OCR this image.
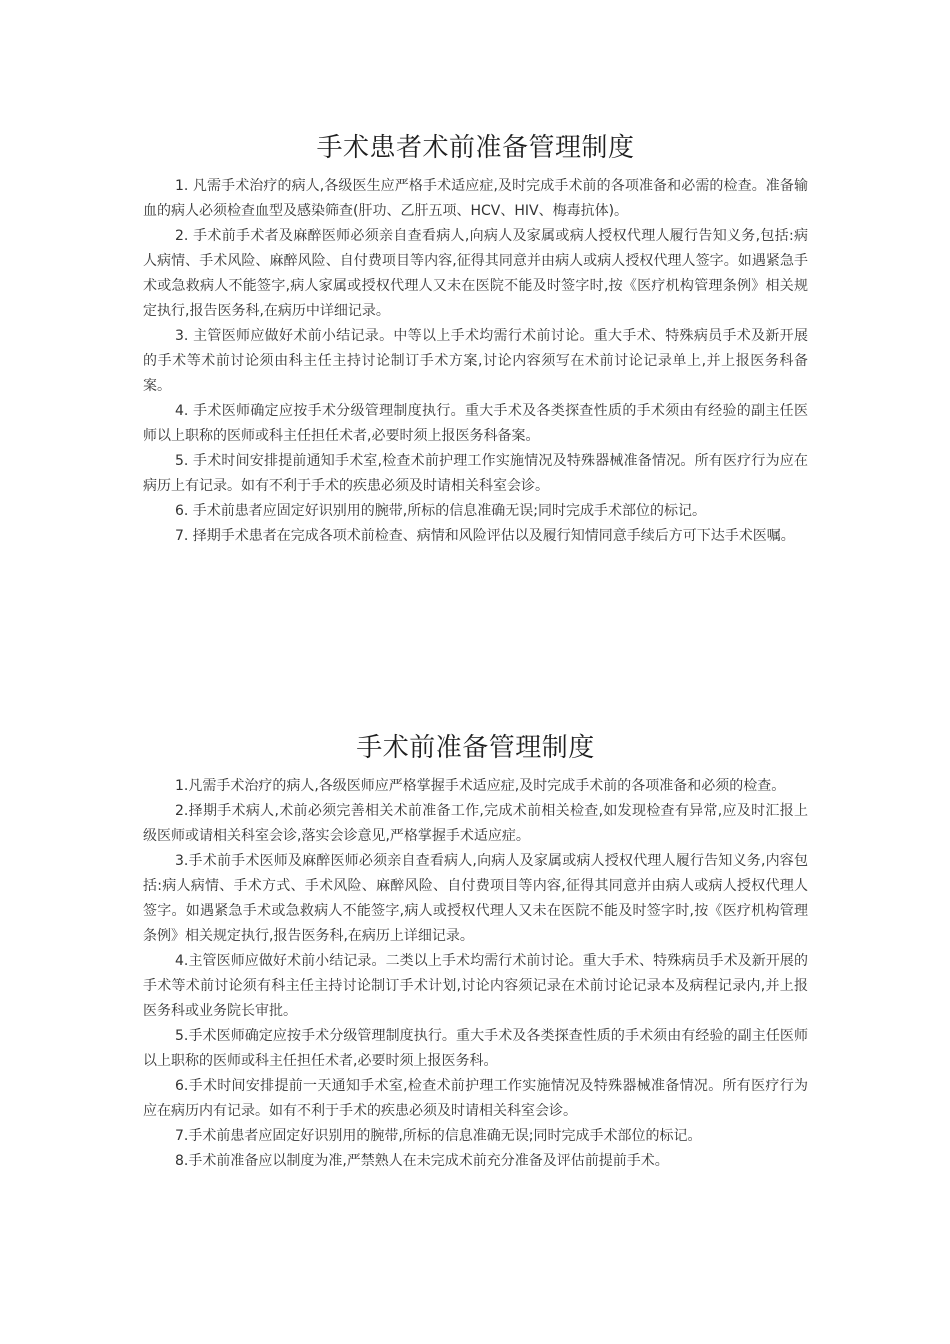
手术患者术前准备管理制度

1. 凡需手术治疗的病人,各级医生应严格手术适应症,及时完成手术前的各项准备和必需的检查。准备输血的病人必须检查血型及感染筛查(肝功、乙肝五项、HCV、HIV、梅毒抗体)。

2. 手术前手术者及麻醉医师必须亲自查看病人,向病人及家属或病人授权代理人履行告知义务,包括:病人病情、手术风险、麻醉风险、自付费项目等内容,征得其同意并由病人或病人授权代理人签字。如遇紧急手术或急救病人不能签字,病人家属或授权代理人又未在医院不能及时签字时,按《医疗机构管理条例》相关规定执行,报告医务科,在病历中详细记录。

3. 主管医师应做好术前小结记录。中等以上手术均需行术前讨论。重大手术、特殊病员手术及新开展的手术等术前讨论须由科主任主持讨论制订手术方案,讨论内容须写在术前讨论记录单上,并上报医务科备案。

4. 手术医师确定应按手术分级管理制度执行。重大手术及各类探查性质的手术须由有经验的副主任医师以上职称的医师或科主任担任术者,必要时须上报医务科备案。

5. 手术时间安排提前通知手术室,检查术前护理工作实施情况及特殊器械准备情况。所有医疗行为应在病历上有记录。如有不利于手术的疾患必须及时请相关科室会诊。

6. 手术前患者应固定好识别用的腕带,所标的信息准确无误;同时完成手术部位的标记。

7. 择期手术患者在完成各项术前检查、病情和风险评估以及履行知情同意手续后方可下达手术医嘱。

手术前准备管理制度

1.凡需手术治疗的病人,各级医师应严格掌握手术适应症,及时完成手术前的各项准备和必须的检查。

2.择期手术病人,术前必须完善相关术前准备工作,完成术前相关检查,如发现检查有异常,应及时汇报上级医师或请相关科室会诊,落实会诊意见,严格掌握手术适应症。

3.手术前手术医师及麻醉医师必须亲自查看病人,向病人及家属或病人授权代理人履行告知义务,内容包括:病人病情、手术方式、手术风险、麻醉风险、自付费项目等内容,征得其同意并由病人或病人授权代理人签字。如遇紧急手术或急救病人不能签字,病人或授权代理人又未在医院不能及时签字时,按《医疗机构管理条例》相关规定执行,报告医务科,在病历上详细记录。

4.主管医师应做好术前小结记录。二类以上手术均需行术前讨论。重大手术、特殊病员手术及新开展的手术等术前讨论须有科主任主持讨论制订手术计划,讨论内容须记录在术前讨论记录本及病程记录内,并上报医务科或业务院长审批。

5.手术医师确定应按手术分级管理制度执行。重大手术及各类探查性质的手术须由有经验的副主任医师以上职称的医师或科主任担任术者,必要时须上报医务科。

6.手术时间安排提前一天通知手术室,检查术前护理工作实施情况及特殊器械准备情况。所有医疗行为应在病历内有记录。如有不利于手术的疾患必须及时请相关科室会诊。

7.手术前患者应固定好识别用的腕带,所标的信息准确无误;同时完成手术部位的标记。

8.手术前准备应以制度为准,严禁熟人在未完成术前充分准备及评估前提前手术。
